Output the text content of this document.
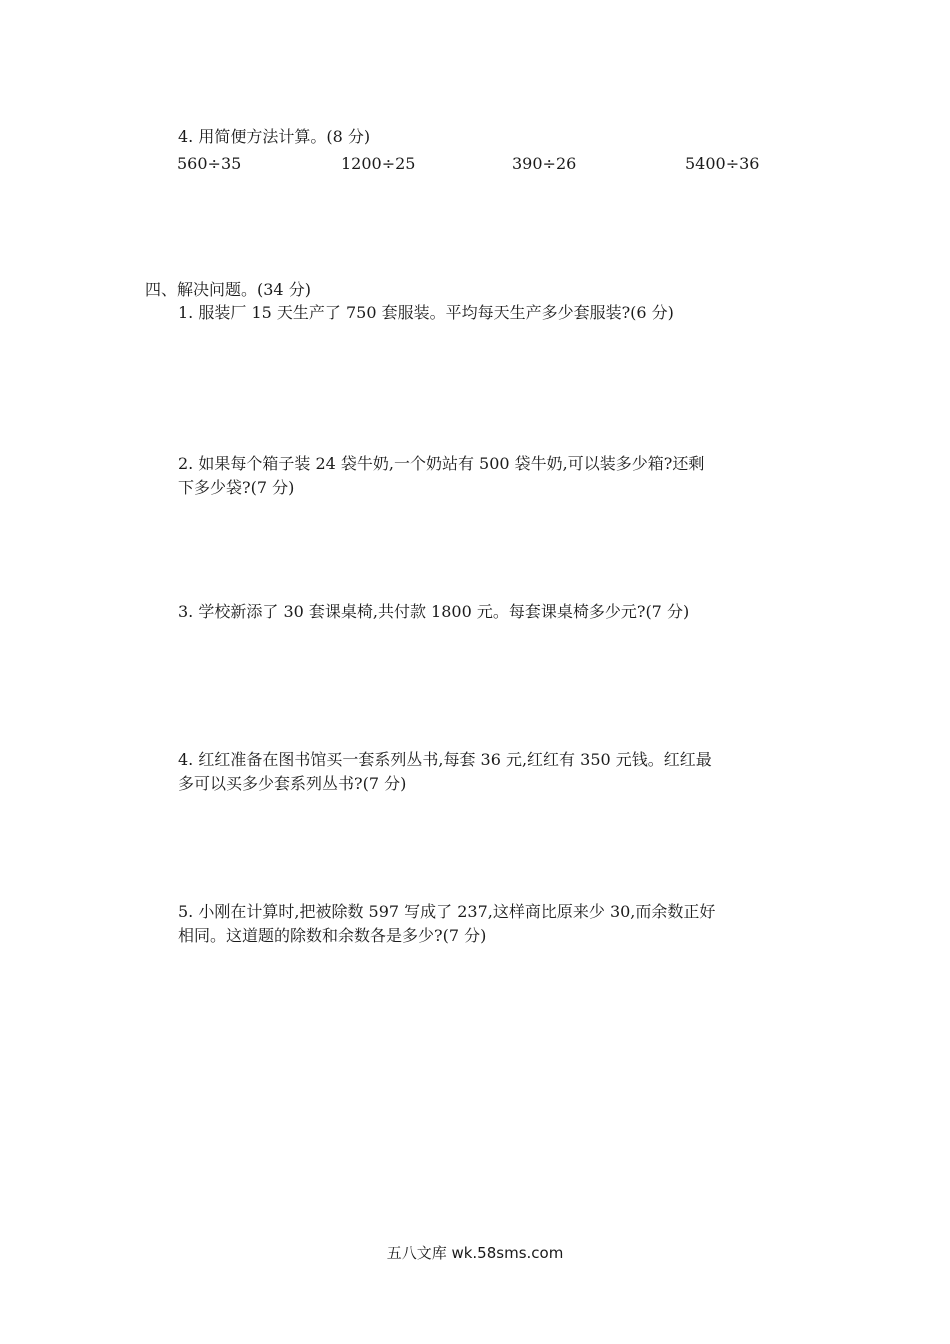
4. 用简便方法计算。(8 分)
560÷35	1200÷25	390÷26	5400÷36
四、解决问题。(34 分)
1. 服装厂 15 天生产了 750 套服装。平均每天生产多少套服装?(6 分)
2. 如果每个箱子装 24 袋牛奶,一个奶站有 500 袋牛奶,可以装多少箱?还剩
下多少袋?(7 分)
3. 学校新添了 30 套课桌椅,共付款 1800 元。每套课桌椅多少元?(7 分)
4. 红红准备在图书馆买一套系列丛书,每套 36 元,红红有 350 元钱。红红最
多可以买多少套系列丛书?(7 分)
5. 小刚在计算时,把被除数 597 写成了 237,这样商比原来少 30,而余数正好
相同。这道题的除数和余数各是多少?(7 分)
五八文库 wk.58sms.com
